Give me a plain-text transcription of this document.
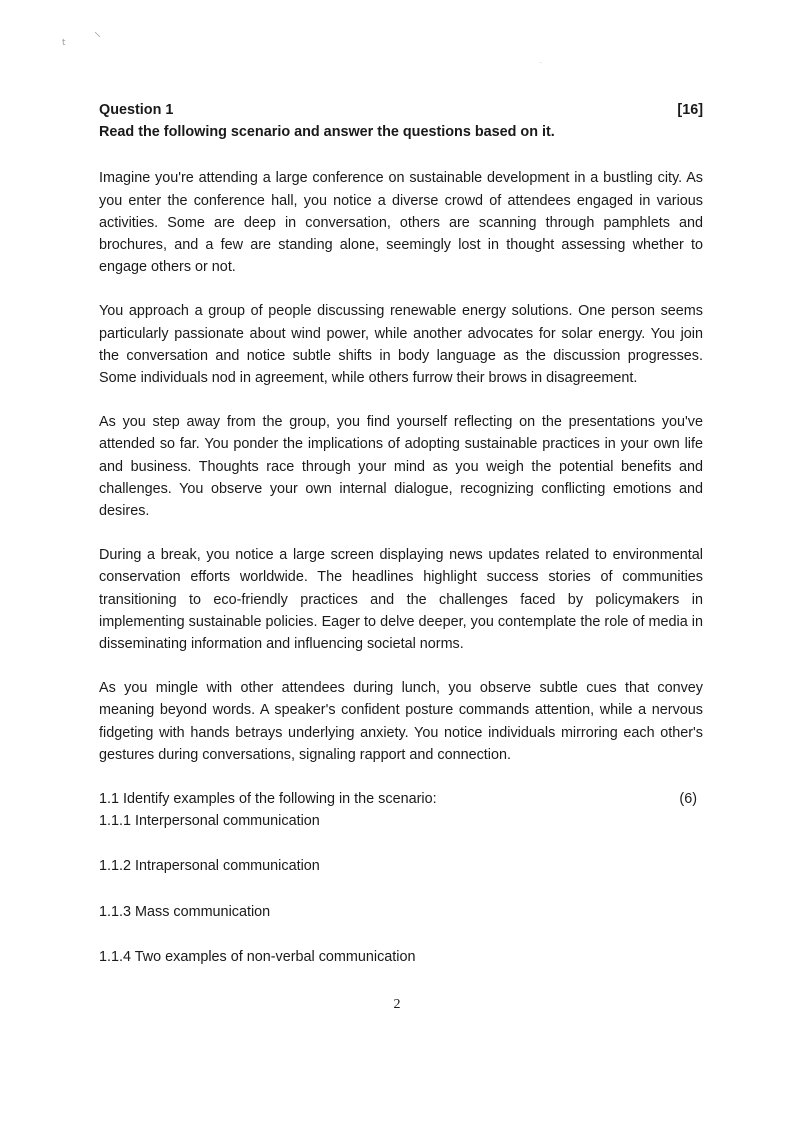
⸜
t
.
Question 1	[16]
Read the following scenario and answer the questions based on it.

Imagine you're attending a large conference on sustainable development in a bustling city. As you enter the conference hall, you notice a diverse crowd of attendees engaged in various activities. Some are deep in conversation, others are scanning through pamphlets and brochures, and a few are standing alone, seemingly lost in thought assessing whether to engage others or not.

You approach a group of people discussing renewable energy solutions. One person seems particularly passionate about wind power, while another advocates for solar energy. You join the conversation and notice subtle shifts in body language as the discussion progresses. Some individuals nod in agreement, while others furrow their brows in disagreement.

As you step away from the group, you find yourself reflecting on the presentations you've attended so far. You ponder the implications of adopting sustainable practices in your own life and business. Thoughts race through your mind as you weigh the potential benefits and challenges. You observe your own internal dialogue, recognizing conflicting emotions and desires.

During a break, you notice a large screen displaying news updates related to environmental conservation efforts worldwide. The headlines highlight success stories of communities transitioning to eco-friendly practices and the challenges faced by policymakers in implementing sustainable policies. Eager to delve deeper, you contemplate the role of media in disseminating information and influencing societal norms.

As you mingle with other attendees during lunch, you observe subtle cues that convey meaning beyond words. A speaker's confident posture commands attention, while a nervous fidgeting with hands betrays underlying anxiety. You notice individuals mirroring each other's gestures during conversations, signaling rapport and connection.

1.1 Identify examples of the following in the scenario:	(6)
1.1.1 Interpersonal communication
1.1.2 Intrapersonal communication
1.1.3 Mass communication
1.1.4 Two examples of non-verbal communication
2
